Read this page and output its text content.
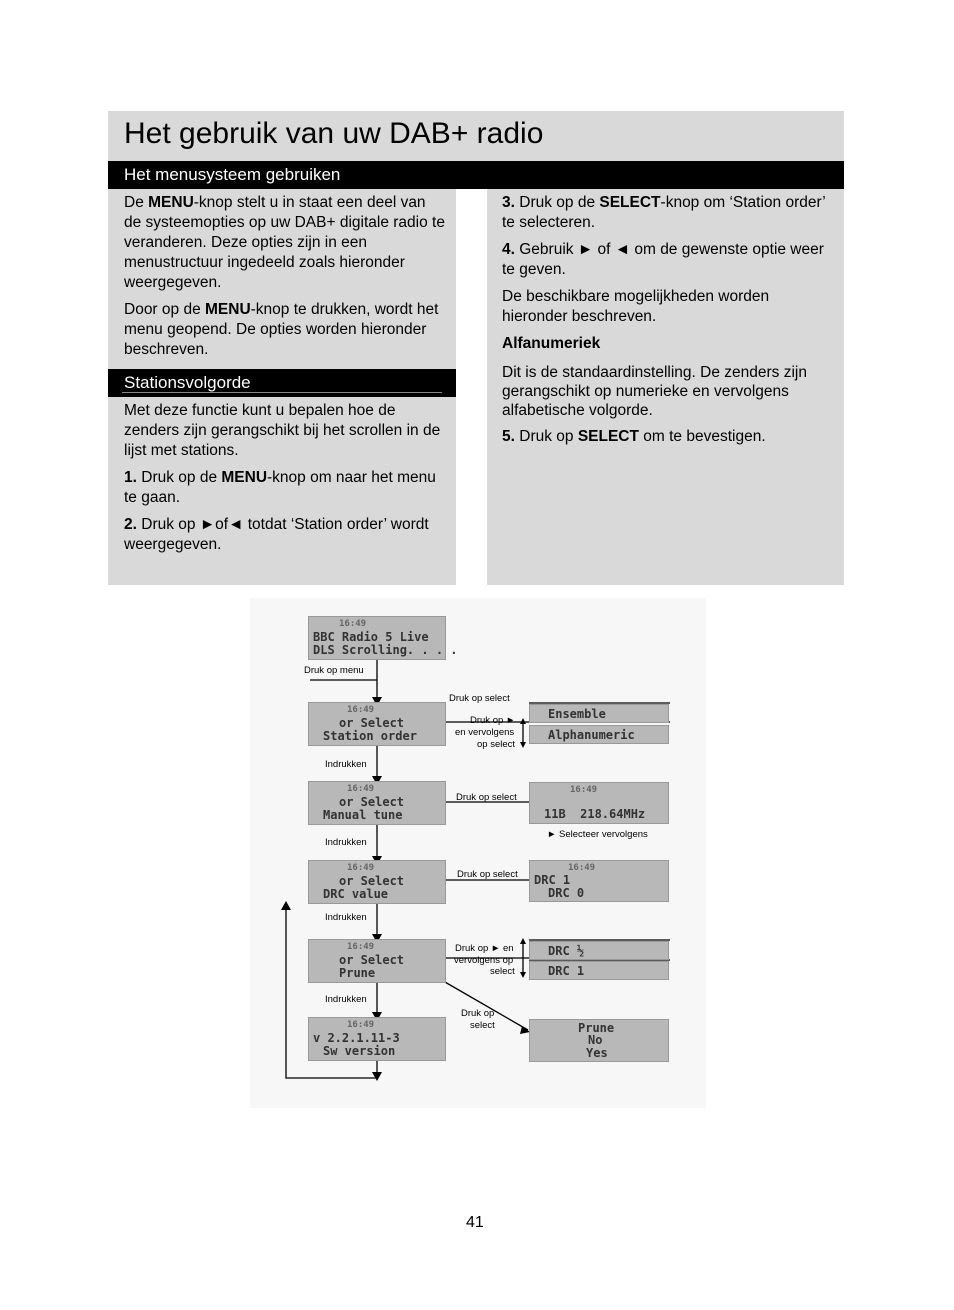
Het gebruik van uw DAB+ radio
Het menusysteem gebruiken

De MENU-knop stelt u in staat een deel van de systeemopties op uw DAB+ digitale radio te veranderen. Deze opties zijn in een menustructuur ingedeeld zoals hieronder weergegeven.

Door op de MENU-knop te drukken, wordt het menu geopend. De opties worden hieronder beschreven.

Stationsvolgorde

Met deze functie kunt u bepalen hoe de zenders zijn gerangschikt bij het scrollen in de lijst met stations.

1. Druk op de MENU-knop om naar het menu te gaan.

2. Druk op ►of◄ totdat ‘Station order’ wordt weergegeven.

3. Druk op de SELECT-knop om ‘Station order’ te selecteren.

4. Gebruik ► of ◄ om de gewenste optie weer te geven.

De beschikbare mogelijkheden worden hieronder beschreven.

Alfanumeriek

Dit is de standaardinstelling. De zenders zijn gerangschikt op numerieke en vervolgens alfabetische volgorde.

5. Druk op SELECT om te bevestigen.

16:49
BBC Radio 5 Live
DLS Scrolling. . . .
16:49
or Select
Station order
16:49
or Select
Manual tune
16:49
or Select
DRC value
16:49
or Select
Prune
16:49
v 2.2.1.11-3
Sw version
Ensemble
Alphanumeric
16:49
11B  218.64MHz
16:49
DRC 1
DRC 0
DRC ½
DRC 1
Prune
No
Yes
Druk op menu
Druk op select
Druk op ►
en vervolgens
op select
Indrukken
Druk op select
► Selecteer vervolgens
Indrukken
Druk op select
Indrukken
Druk op ► en
vervolgens op
select
Indrukken
Druk op
select
41
